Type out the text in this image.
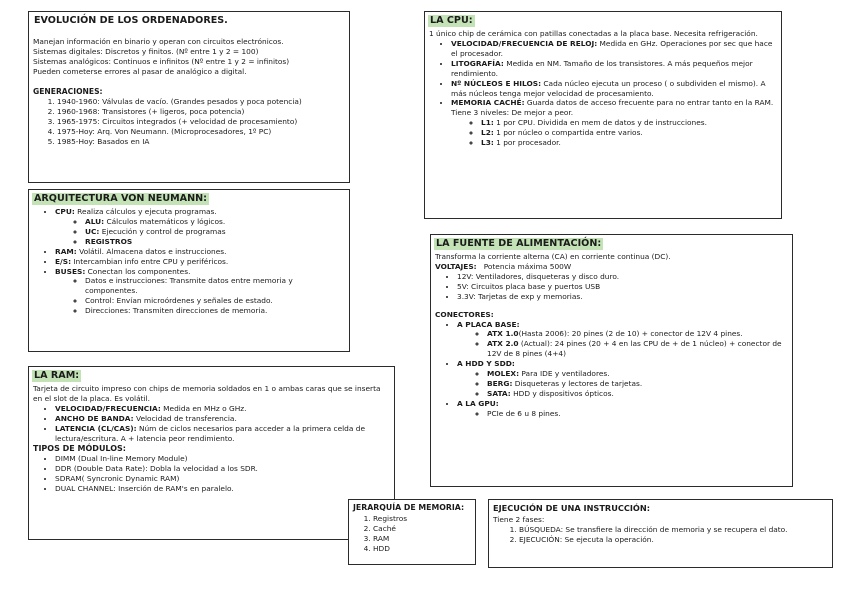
EVOLUCIÓN DE LOS ORDENADORES.

Manejan información en binario y operan con circuitos electrónicos.

Sistemas digitales: Discretos y finitos. (Nº entre 1 y 2 = 100)

Sistemas analógicos: Continuos e infinitos (Nº entre 1 y 2 = infinitos)

Pueden cometerse errores al pasar de analógico a digital.

GENERACIONES:
1. 1940-1960: Válvulas de vacío. (Grandes pesados y poca potencia)
2. 1960-1968: Transistores (+ ligeros, poca potencia)
3. 1965-1975: Circuitos integrados (+ velocidad de procesamiento)
4. 1975-Hoy: Arq. Von Neumann. (Microprocesadores, 1º PC)
5. 1985-Hoy: Basados en IA
ARQUITECTURA VON NEUMANN:
• CPU: Realiza cálculos y ejecuta programas.
◦ ALU: Cálculos matemáticos y lógicos.
◦ UC: Ejecución y control de programas
◦ REGISTROS
• RAM: Volátil. Almacena datos e instrucciones.
• E/S: Intercambian info entre CPU y periféricos.
• BUSES: Conectan los componentes.
◦ Datos e instrucciones: Transmite datos entre memoria y componentes.
◦ Control: Envían microórdenes y señales de estado.
◦ Direcciones: Transmiten direcciones de memoria.
LA RAM:

Tarjeta de circuito impreso con chips de memoria soldados en 1 o ambas caras que se inserta en el slot de la placa. Es volátil.

• VELOCIDAD/FRECUENCIA: Medida en MHz o GHz.
• ANCHO DE BANDA: Velocidad de transferencia.
• LATENCIA (CL/CAS): Núm de ciclos necesarios para acceder a la primera celda de lectura/escritura. A + latencia peor rendimiento.
TIPOS DE MÓDULOS:
• DIMM (Dual In-line Memory Module)
• DDR (Double Data Rate): Dobla la velocidad a los SDR.
• SDRAM( Syncronic Dynamic RAM)
• DUAL CHANNEL: Inserción de RAM's en paralelo.
JERARQUÍA DE MEMORIA:
1. Registros
2. Caché
3. RAM
4. HDD
LA CPU:

1 único chip de cerámica con patillas conectadas a la placa base. Necesita refrigeración.

• VELOCIDAD/FRECUENCIA DE RELOJ: Medida en GHz. Operaciones por sec que hace el procesador.
• LITOGRAFÍA: Medida en NM. Tamaño de los transistores. A más pequeños mejor rendimiento.
• Nº NÚCLEOS E HILOS: Cada núcleo ejecuta un proceso ( o subdividen el mismo). A más núcleos tenga mejor velocidad de procesamiento.
• MEMORIA CACHÉ: Guarda datos de acceso frecuente para no entrar tanto en la RAM. Tiene 3 niveles: De mejor a peor.
◦ L1: 1 por CPU. Dividida en mem de datos y de instrucciones.
◦ L2: 1 por núcleo o compartida entre varios.
◦ L3: 1 por procesador.
LA FUENTE DE ALIMENTACIÓN:

Transforma la corriente alterna (CA) en corriente continua (DC).

VOLTAJES: Potencia máxima 500W

• 12V: Ventiladores, disqueteras y disco duro.
• 5V: Circuitos placa base y puertos USB
• 3.3V: Tarjetas de exp y memorias.
CONECTORES:
• A PLACA BASE:
◦ ATX 1.0(Hasta 2006): 20 pines (2 de 10) + conector de 12V 4 pines.
◦ ATX 2.0 (Actual): 24 pines (20 + 4 en las CPU de + de 1 núcleo) + conector de 12V de 8 pines (4+4)
• A HDD Y SDD:
◦ MOLEX: Para IDE y ventiladores.
◦ BERG: Disqueteras y lectores de tarjetas.
◦ SATA: HDD y dispositivos ópticos.
• A LA GPU:
◦ PCIe de 6 u 8 pines.
EJECUCIÓN DE UNA INSTRUCCIÓN:

Tiene 2 fases:

1. BÚSQUEDA: Se transfiere la dirección de memoria y se recupera el dato.
2. EJECUCIÓN: Se ejecuta la operación.
